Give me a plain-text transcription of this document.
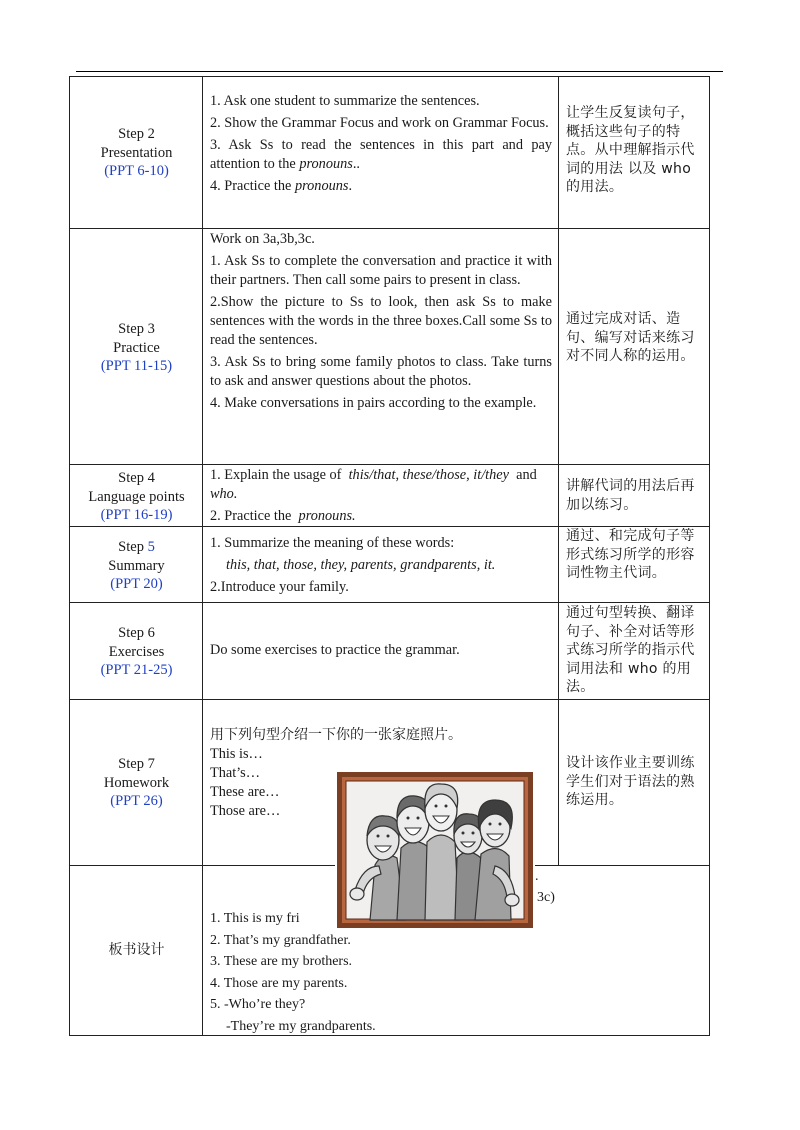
Step 2
Presentation
(PPT 6-10)

1. Ask one student to summarize the sentences.

2. Show the Grammar Focus and work on Grammar Focus.

3. Ask Ss to read the sentences in this part and pay attention to the pronouns..

4. Practice the pronouns.

让学生反复读句子，概括这些句子的特点。从中理解指示代词的用法 以及 who 的用法。

Step 3
Practice
(PPT 11-15)

Work on 3a,3b,3c.

1. Ask Ss to complete the conversation and practice it with their partners. Then call some pairs to present in class.

2.Show the picture to Ss to look, then ask Ss to make sentences with the words in the three boxes.Call some Ss to read the sentences.

3. Ask Ss to bring some family photos to class. Take turns to ask and answer questions about the photos.

4. Make conversations in pairs according to the example.

通过完成对话、造句、编写对话来练习对不同人称的运用。

Step 4
Language points
(PPT 16-19)

1. Explain the usage of this/that, these/those, it/they and  who.

2. Practice the pronouns.

讲解代词的用法后再加以练习。

Step 5
Summary
(PPT 20)

1. Summarize the meaning of these words:

this, that, those, they, parents, grandparents, it.

2.Introduce your family.

通过、和完成句子等形式练习所学的形容词性物主代词。

Step 6
Exercises
(PPT 21-25)

Do some exercises to practice the grammar.

通过句型转换、翻译句子、补全对话等形式练习所学的指示代词用法和 who 的用法。

Step 7
Homework
(PPT 26)

用下列句型介绍一下你的一张家庭照片。

This is…

That’s…

These are…

Those are…

设计该作业主要训练学生们对于语法的熟练运用。

板书设计

.

3c)

1. This is my fri

2. That’s my grandfather.

3. These are my brothers.

4. Those are my parents.

5. -Who’re they?

-They’re my grandparents.
